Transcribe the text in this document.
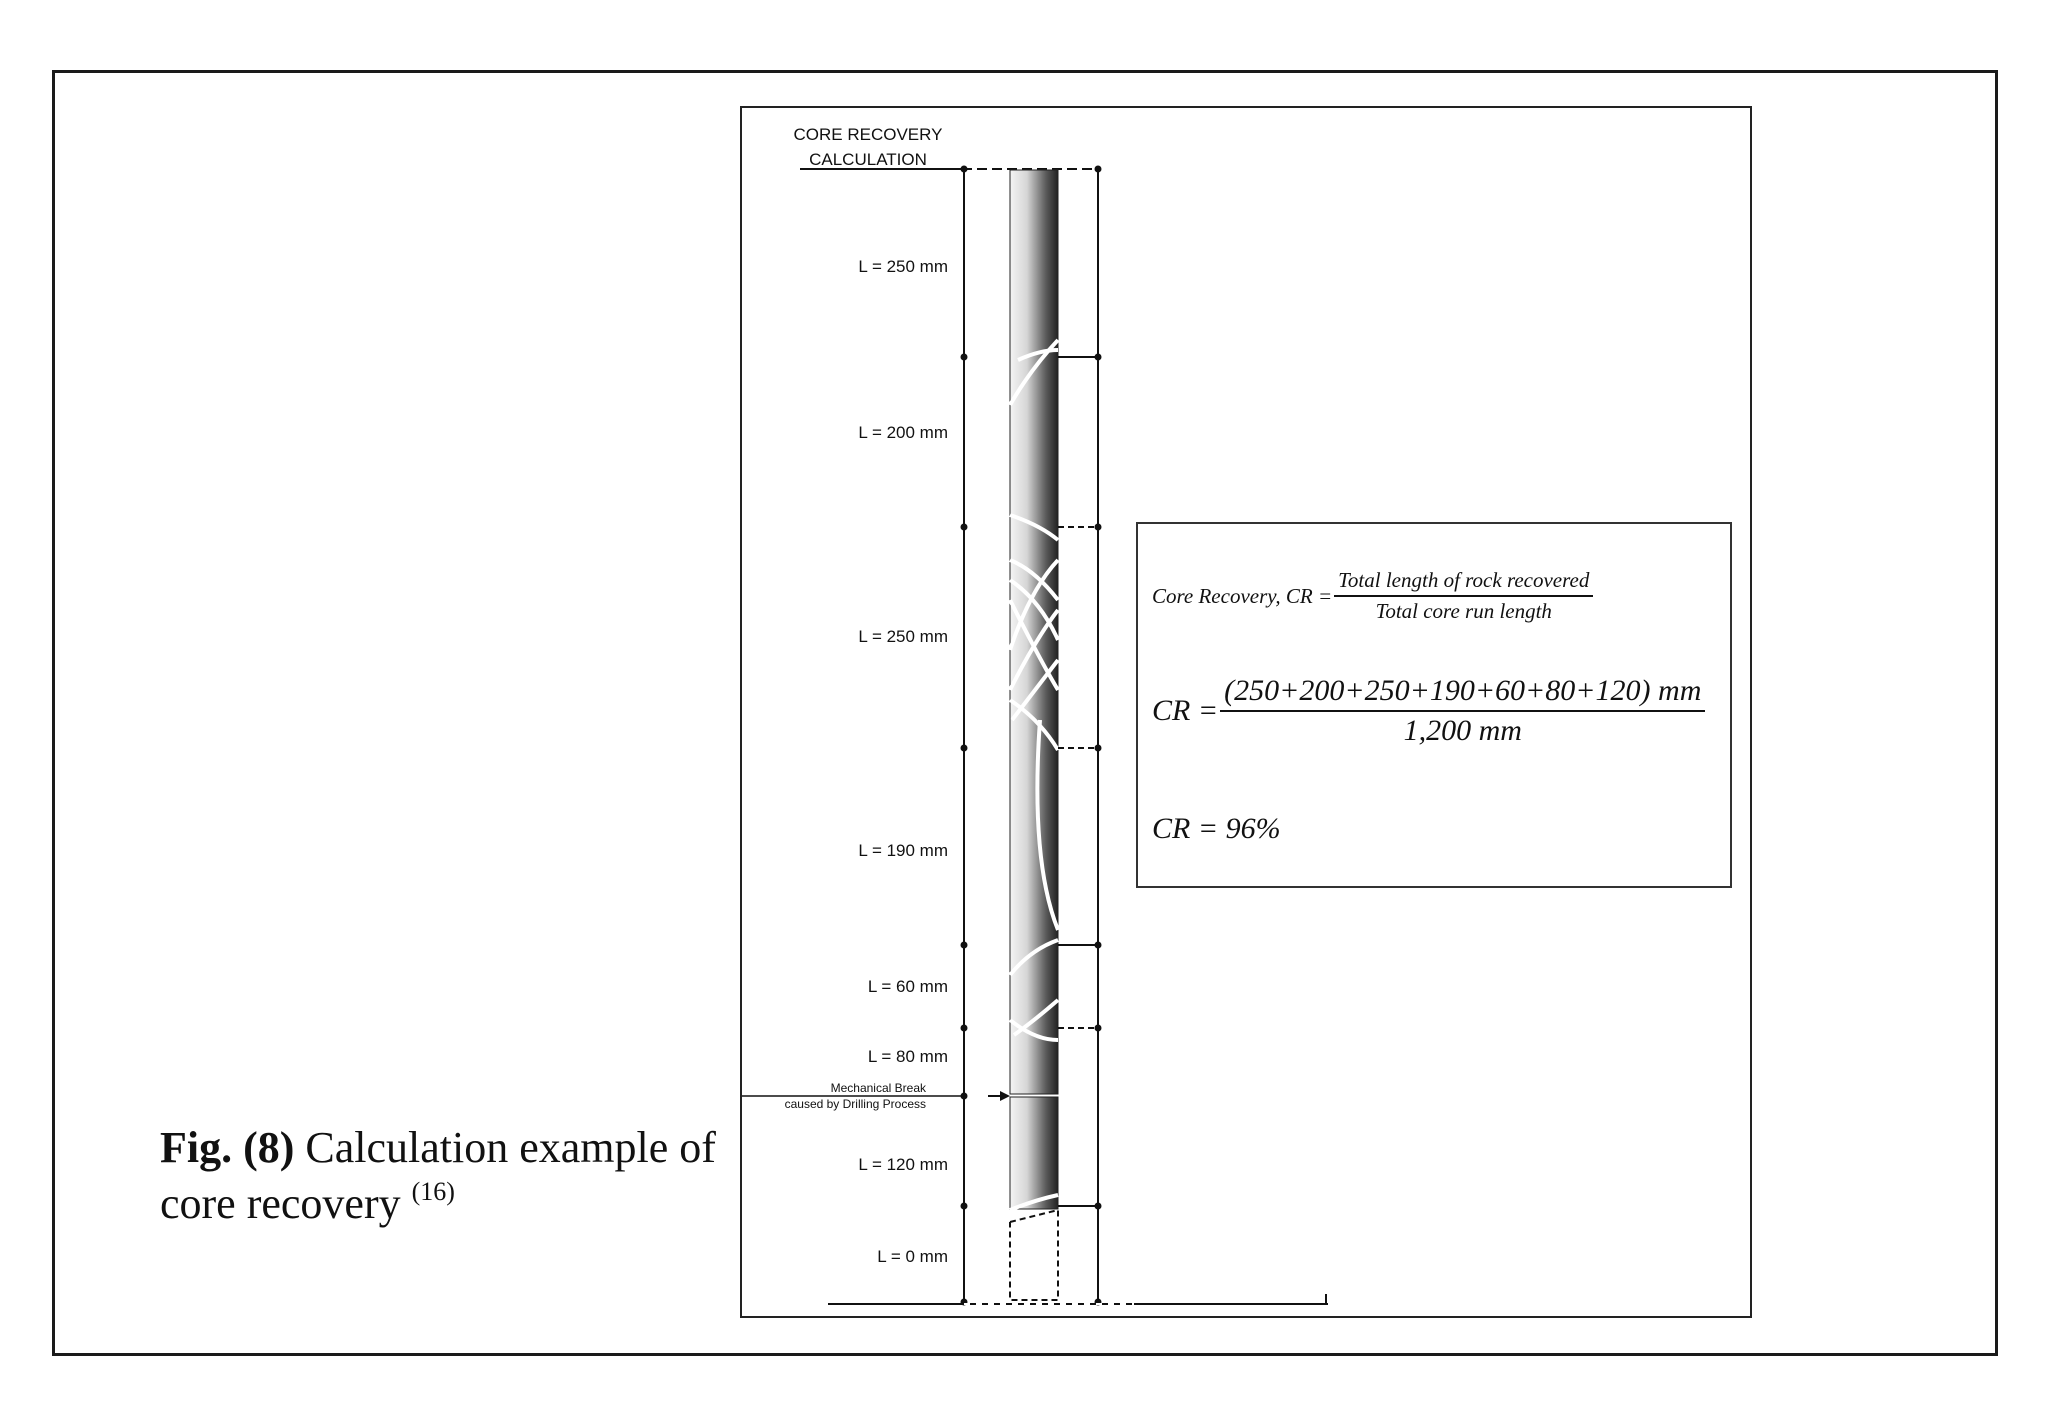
CORE RECOVERY
CALCULATION
L = 250 mm
L = 200 mm
L = 250 mm
L = 190 mm
L = 60 mm
L = 80 mm
L = 120 mm
L = 0 mm
Mechanical Break
caused by Drilling Process
Core Recovery, CR = $\frac{\text{Total length of rock recovered}}{\text{Total core run length}}$
CR = $\frac{(250+200+250+190+60+80+120) mm}{1,200 mm}$
CR = 96%
Fig. (8) Calculation example of core recovery $^{(16)}$
